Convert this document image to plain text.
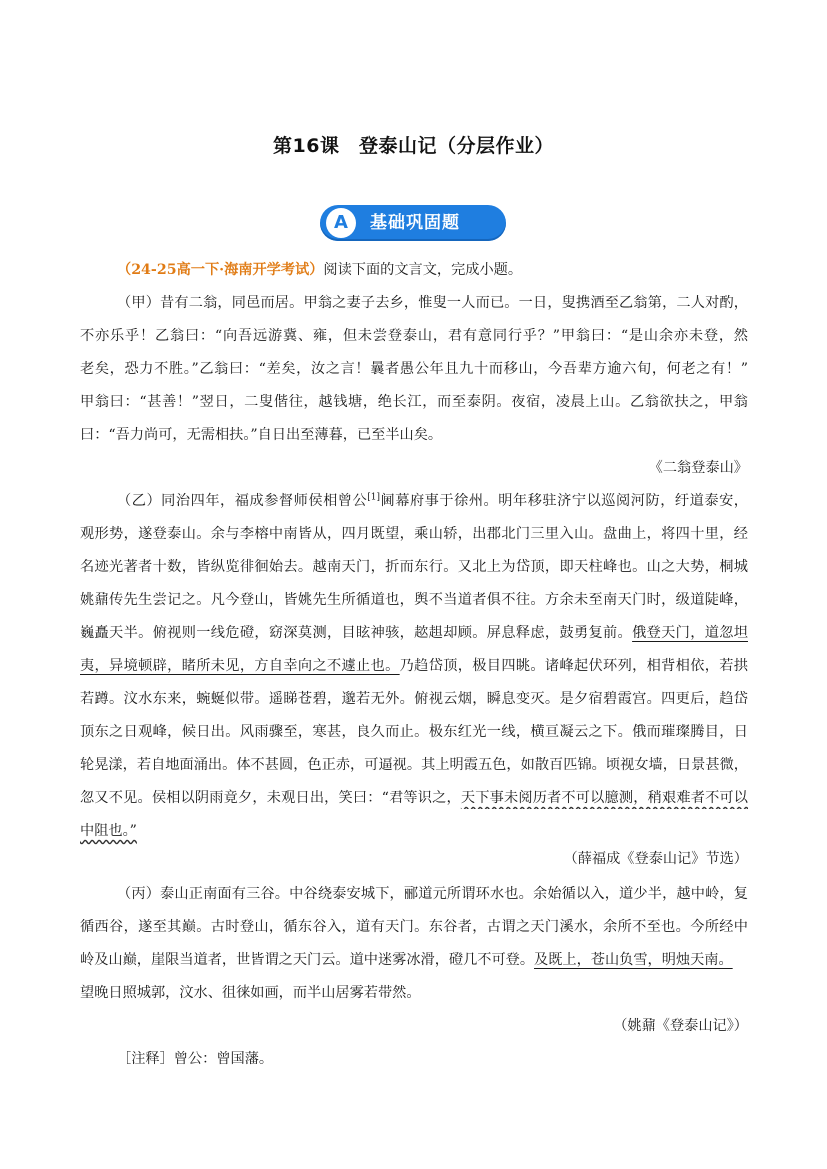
第16课　登泰山记（分层作业）
A	基础巩固题
（24-25高一下·海南开学考试）阅读下面的文言文，完成小题。
（甲）昔有二翁，同邑而居。甲翁之妻子去乡，惟叟一人而已。一日，叟携酒至乙翁第，二人对酌，
不亦乐乎！乙翁曰：“向吾远游冀、雍，但未尝登泰山，君有意同行乎？”甲翁曰：“是山余亦未登，然
老矣，恐力不胜。”乙翁曰：“差矣，汝之言！曩者愚公年且九十而移山，今吾辈方逾六旬，何老之有！”
甲翁曰：“甚善！”翌日，二叟偕往，越钱塘，绝长江，而至泰阴。夜宿，凌晨上山。乙翁欲扶之，甲翁
曰：“吾力尚可，无需相扶。”自日出至薄暮，已至半山矣。
《二翁登泰山》
（乙）同治四年，福成参督师侯相曾公[1]阃幕府事于徐州。明年移驻济宁以巡阅河防，纡道泰安，
观形势，遂登泰山。余与李榕中南皆从，四月既望，乘山轿，出郡北门三里入山。盘曲上，将四十里，经
名迹光著者十数，皆纵览徘徊始去。越南天门，折而东行。又北上为岱顶，即天柱峰也。山之大势，桐城
姚鼐传先生尝记之。凡今登山，皆姚先生所循道也，舆不当道者俱不往。方余未至南天门时，级道陡峰，
巍矗天半。俯视则一线危磴，窈深莫测，目眩神骇，趑趄却顾。屏息释虑，鼓勇复前。俄登天门，道忽坦
夷，异境顿辟，睹所未见，方自幸向之不遽止也。乃趋岱顶，极目四眺。诸峰起伏环列，相背相依，若拱
若蹲。汶水东来，蜿蜒似带。遥睇苍碧，邈若无外。俯视云烟，瞬息变灭。是夕宿碧霞宫。四更后，趋岱
顶东之日观峰，候日出。风雨骤至，寒甚，良久而止。极东红光一线，横亘凝云之下。俄而璀璨腾目，日
轮晃漾，若自地面涌出。体不甚圆，色正赤，可逼视。其上明霞五色，如散百匹锦。顷视女墙，日景甚微，
忽又不见。侯相以阴雨竟夕，未观日出，笑曰：“君等识之，天下事未阅历者不可以臆测，稍艰难者不可以
中阻也。”
（薛福成《登泰山记》节选）
（丙）泰山正南面有三谷。中谷绕泰安城下，郦道元所谓环水也。余始循以入，道少半，越中岭，复
循西谷，遂至其巅。古时登山，循东谷入，道有天门。东谷者，古谓之天门溪水，余所不至也。今所经中
岭及山巅，崖限当道者，世皆谓之天门云。道中迷雾冰滑，磴几不可登。及既上，苍山负雪，明烛天南。
望晚日照城郭，汶水、徂徕如画，而半山居雾若带然。
（姚鼐《登泰山记》）
［注释］曾公：曾国藩。
